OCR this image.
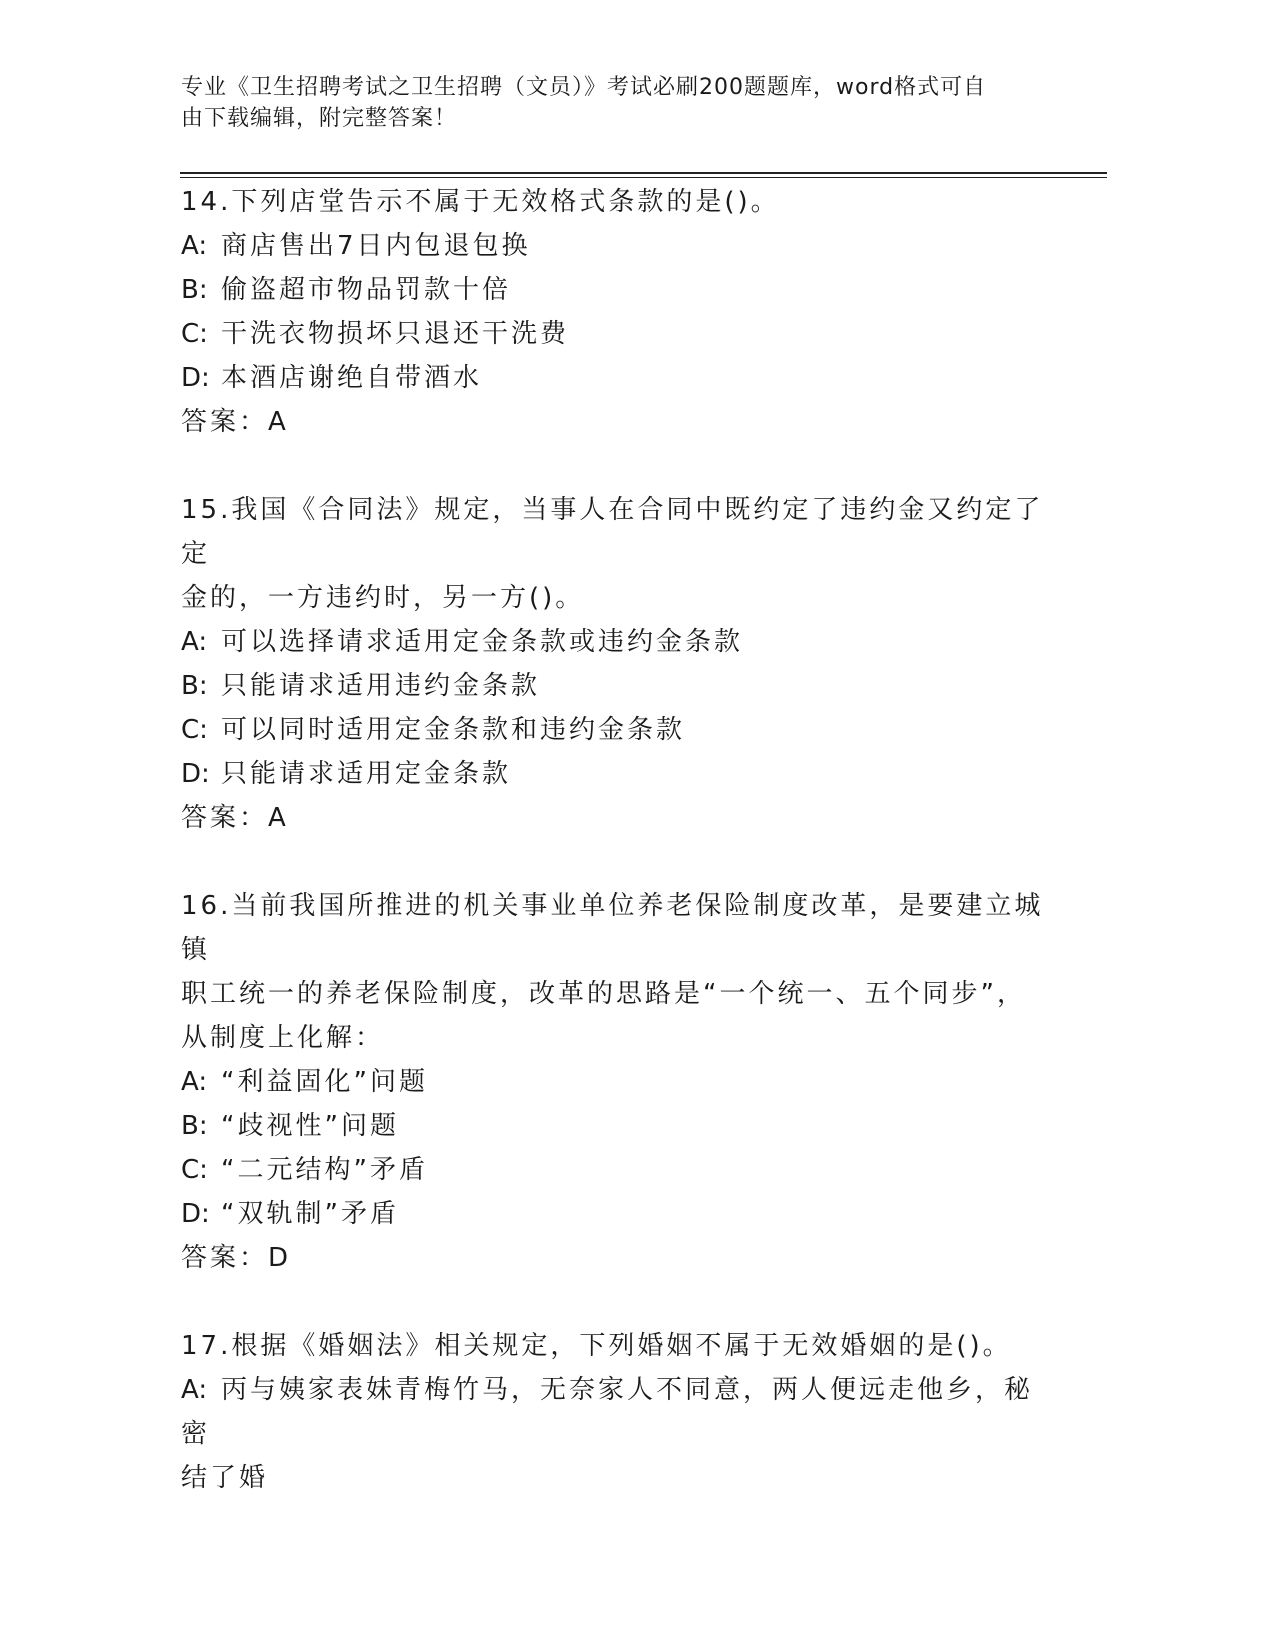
专业《卫生招聘考试之卫生招聘（文员）》考试必刷200题题库，word格式可自
由下载编辑，附完整答案！
14.下列店堂告示不属于无效格式条款的是()。
A: 商店售出7日内包退包换
B: 偷盗超市物品罚款十倍
C: 干洗衣物损坏只退还干洗费
D: 本酒店谢绝自带酒水
答案：A
15.我国《合同法》规定，当事人在合同中既约定了违约金又约定了定
金的，一方违约时，另一方()。
A: 可以选择请求适用定金条款或违约金条款
B: 只能请求适用违约金条款
C: 可以同时适用定金条款和违约金条款
D: 只能请求适用定金条款
答案：A
16.当前我国所推进的机关事业单位养老保险制度改革，是要建立城镇
职工统一的养老保险制度，改革的思路是“一个统一、五个同步”，
从制度上化解：
A: “利益固化”问题
B: “歧视性”问题
C: “二元结构”矛盾
D: “双轨制”矛盾
答案：D
17.根据《婚姻法》相关规定，下列婚姻不属于无效婚姻的是()。
A: 丙与姨家表妹青梅竹马，无奈家人不同意，两人便远走他乡，秘密
结了婚
